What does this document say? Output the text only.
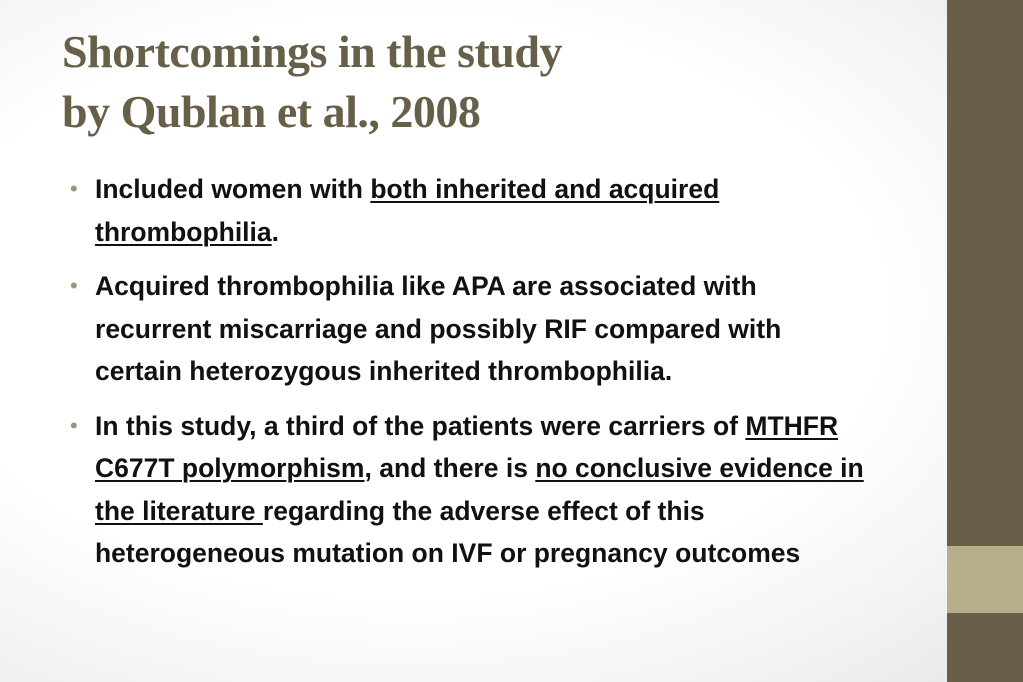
Shortcomings in the study
by Qublan et al., 2008
• Included women with both inherited and acquired thrombophilia.
• Acquired thrombophilia like APA are associated with recurrent miscarriage and possibly RIF compared with certain heterozygous inherited thrombophilia.
• In this study, a third of the patients were carriers of MTHFR C677T polymorphism, and there is no conclusive evidence in the literature regarding the adverse effect of this heterogeneous mutation on IVF or pregnancy outcomes
